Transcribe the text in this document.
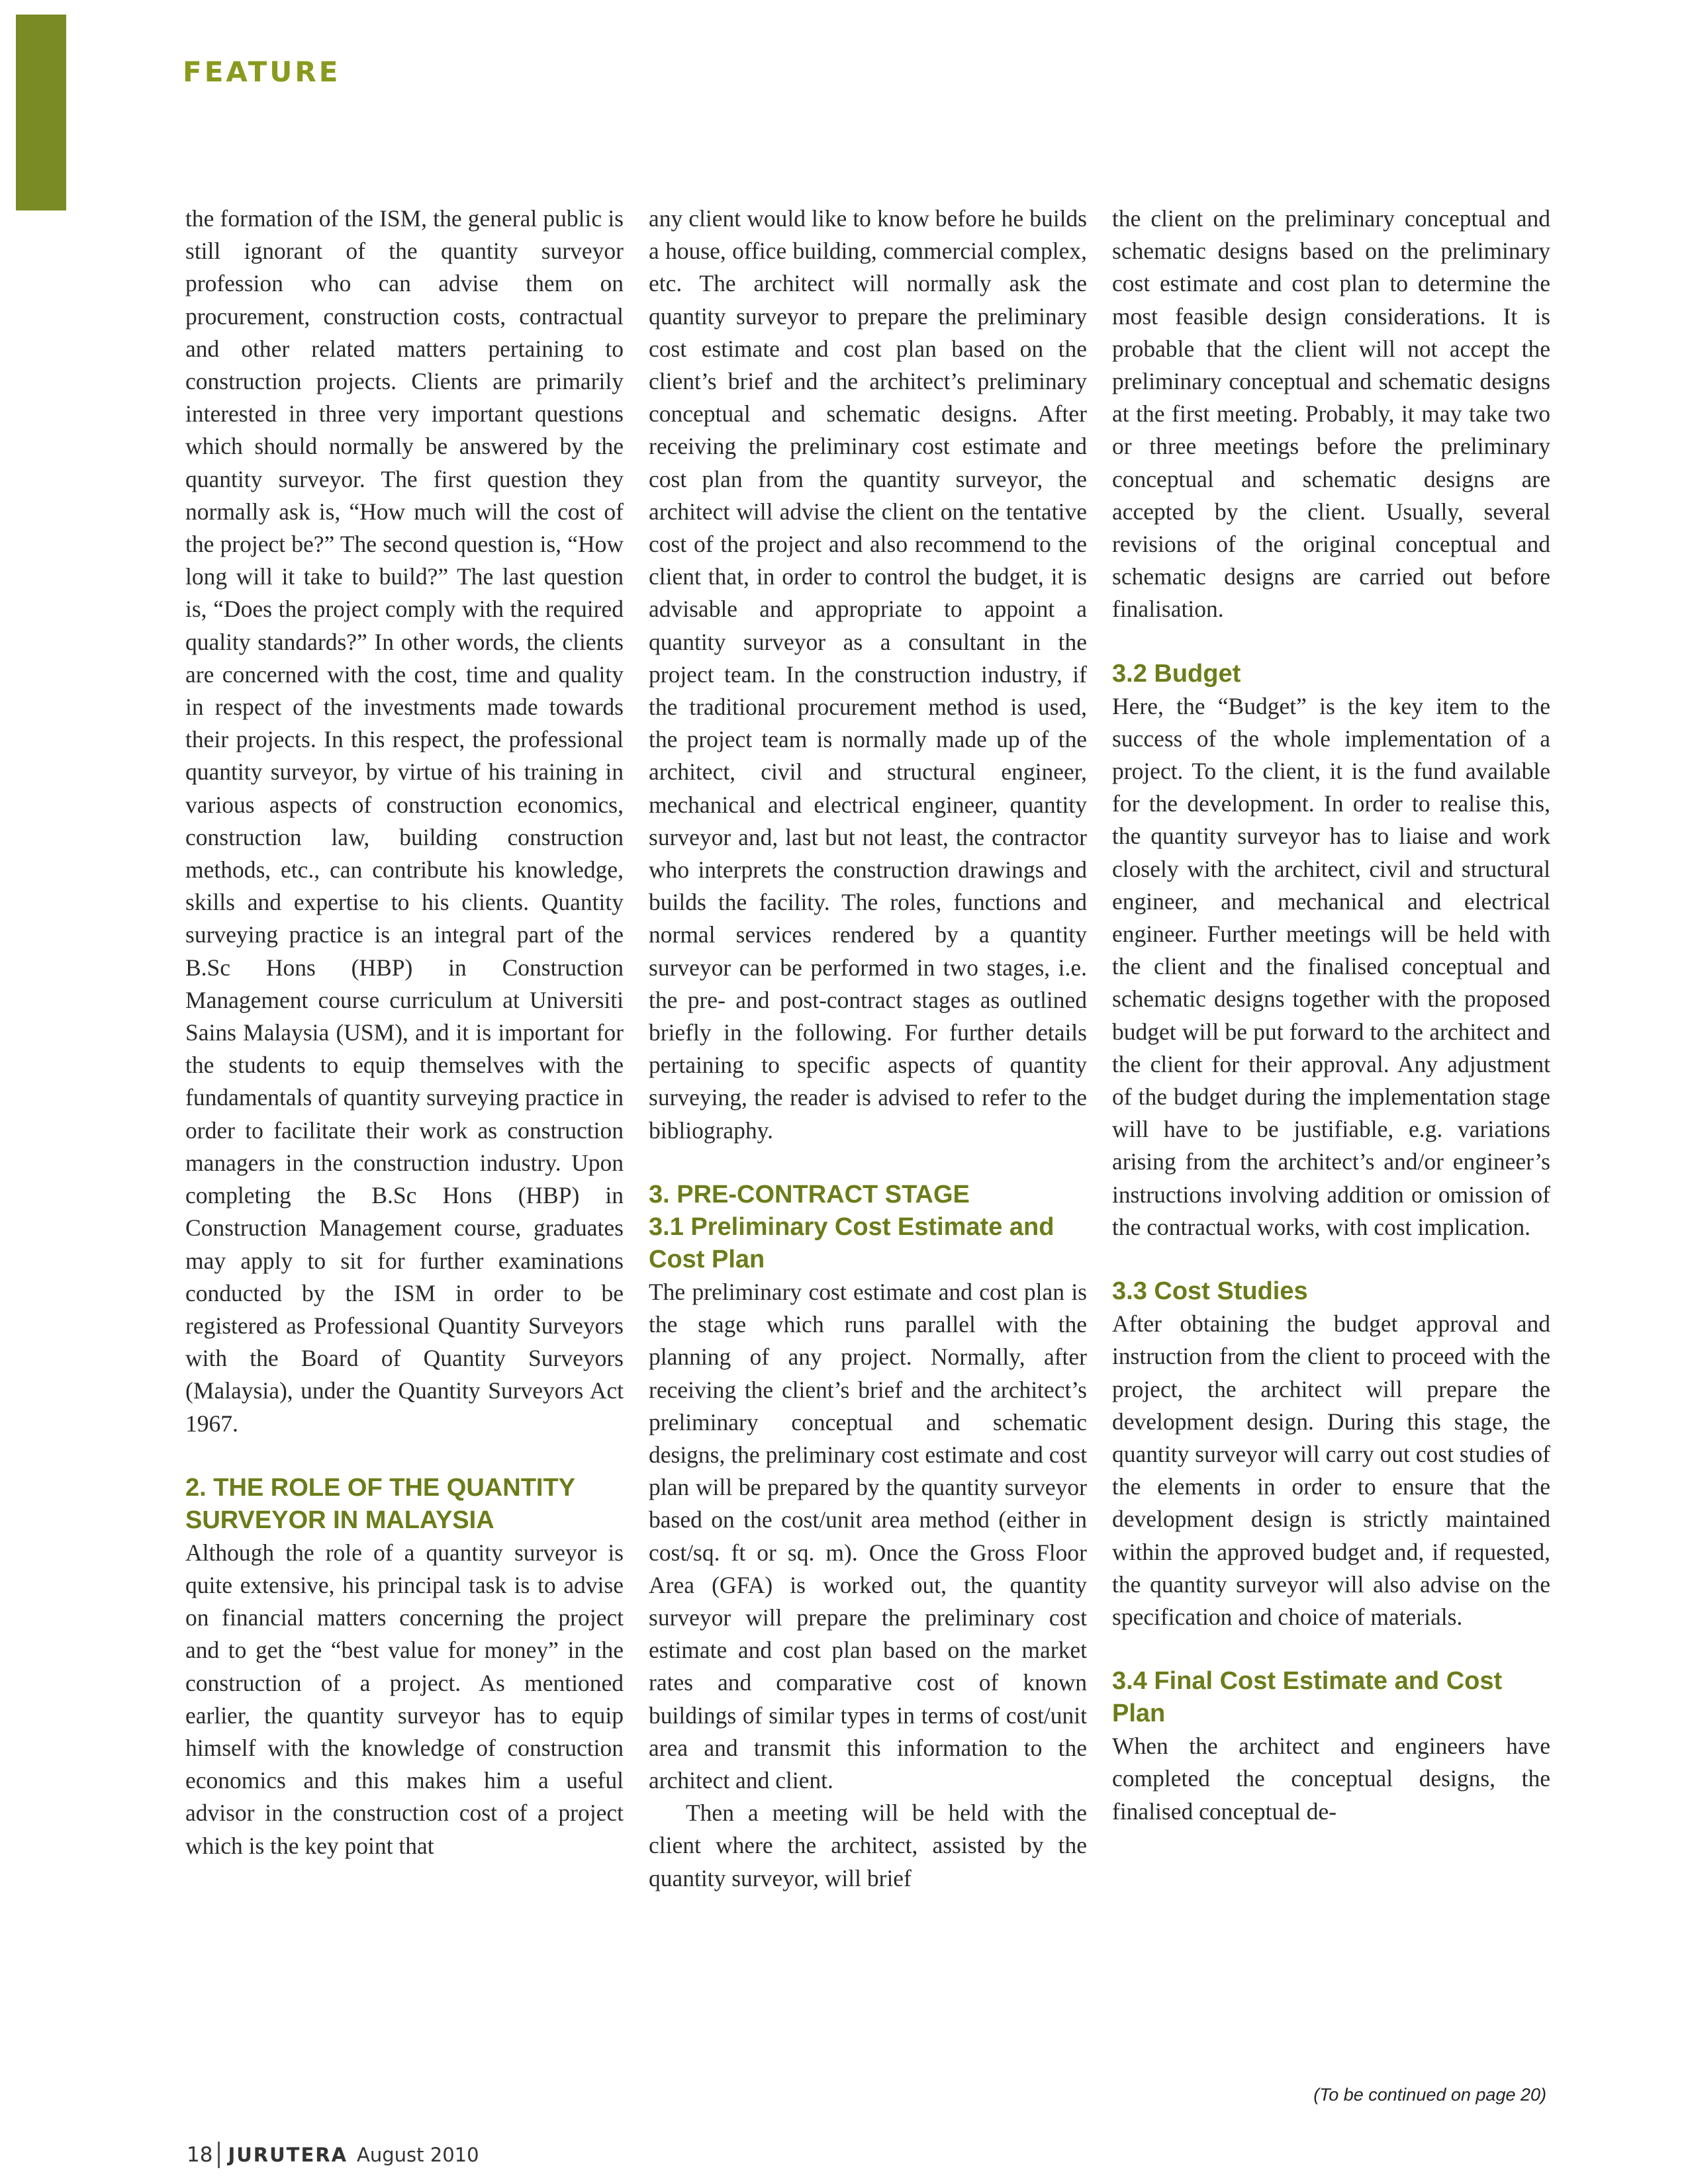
FEATURE

the formation of the ISM, the general public is still ignorant of the quantity surveyor profession who can advise them on procurement, construction costs, contractual and other related matters pertaining to construction projects. Clients are primarily interested in three very important questions which should normally be answered by the quantity surveyor. The first question they normally ask is, “How much will the cost of the project be?” The second question is, “How long will it take to build?” The last question is, “Does the project comply with the required quality standards?” In other words, the clients are concerned with the cost, time and quality in respect of the investments made towards their projects. In this respect, the professional quantity surveyor, by virtue of his training in various aspects of construction economics, construction law, building construction methods, etc., can contribute his knowledge, skills and expertise to his clients. Quantity surveying practice is an integral part of the B.Sc Hons (HBP) in Construction Management course curriculum at Universiti Sains Malaysia (USM), and it is important for the students to equip themselves with the fundamentals of quantity surveying practice in order to facilitate their work as construction managers in the construction industry. Upon completing the B.Sc Hons (HBP) in Construction Management course, graduates may apply to sit for further examinations conducted by the ISM in order to be registered as Professional Quantity Surveyors with the Board of Quantity Surveyors (Malaysia), under the Quantity Surveyors Act 1967.

2. THE ROLE OF THE QUANTITY SURVEYOR IN MALAYSIA

Although the role of a quantity surveyor is quite extensive, his principal task is to advise on financial matters concerning the project and to get the “best value for money” in the construction of a project. As mentioned earlier, the quantity surveyor has to equip himself with the knowledge of construction economics and this makes him a useful advisor in the construction cost of a project which is the key point that

any client would like to know before he builds a house, office building, commercial complex, etc. The architect will normally ask the quantity surveyor to prepare the preliminary cost estimate and cost plan based on the client’s brief and the architect’s preliminary conceptual and schematic designs. After receiving the preliminary cost estimate and cost plan from the quantity surveyor, the architect will advise the client on the tentative cost of the project and also recommend to the client that, in order to control the budget, it is advisable and appropriate to appoint a quantity surveyor as a consultant in the project team. In the construction industry, if the traditional procurement method is used, the project team is normally made up of the architect, civil and structural engineer, mechanical and electrical engineer, quantity surveyor and, last but not least, the contractor who interprets the construction drawings and builds the facility. The roles, functions and normal services rendered by a quantity surveyor can be performed in two stages, i.e. the pre- and post-contract stages as outlined briefly in the following. For further details pertaining to specific aspects of quantity surveying, the reader is advised to refer to the bibliography.

3. PRE-CONTRACT STAGE
3.1 Preliminary Cost Estimate and Cost Plan

The preliminary cost estimate and cost plan is the stage which runs parallel with the planning of any project. Normally, after receiving the client’s brief and the architect’s preliminary conceptual and schematic designs, the preliminary cost estimate and cost plan will be prepared by the quantity surveyor based on the cost/unit area method (either in cost/sq. ft or sq. m). Once the Gross Floor Area (GFA) is worked out, the quantity surveyor will prepare the preliminary cost estimate and cost plan based on the market rates and comparative cost of known buildings of similar types in terms of cost/unit area and transmit this information to the architect and client.

Then a meeting will be held with the client where the architect, assisted by the quantity surveyor, will brief

the client on the preliminary conceptual and schematic designs based on the preliminary cost estimate and cost plan to determine the most feasible design considerations. It is probable that the client will not accept the preliminary conceptual and schematic designs at the first meeting. Probably, it may take two or three meetings before the preliminary conceptual and schematic designs are accepted by the client. Usually, several revisions of the original conceptual and schematic designs are carried out before finalisation.

3.2 Budget

Here, the “Budget” is the key item to the success of the whole implementation of a project. To the client, it is the fund available for the development. In order to realise this, the quantity surveyor has to liaise and work closely with the architect, civil and structural engineer, and mechanical and electrical engineer. Further meetings will be held with the client and the finalised conceptual and schematic designs together with the proposed budget will be put forward to the architect and the client for their approval. Any adjustment of the budget during the implementation stage will have to be justifiable, e.g. variations arising from the architect’s and/or engineer’s instructions involving addition or omission of the contractual works, with cost implication.

3.3 Cost Studies

After obtaining the budget approval and instruction from the client to proceed with the project, the architect will prepare the development design. During this stage, the quantity surveyor will carry out cost studies of the elements in order to ensure that the development design is strictly maintained within the approved budget and, if requested, the quantity surveyor will also advise on the specification and choice of materials.

3.4 Final Cost Estimate and Cost Plan

When the architect and engineers have completed the conceptual designs, the finalised conceptual de-

(To be continued on page 20)
18 JURUTERA August 2010
